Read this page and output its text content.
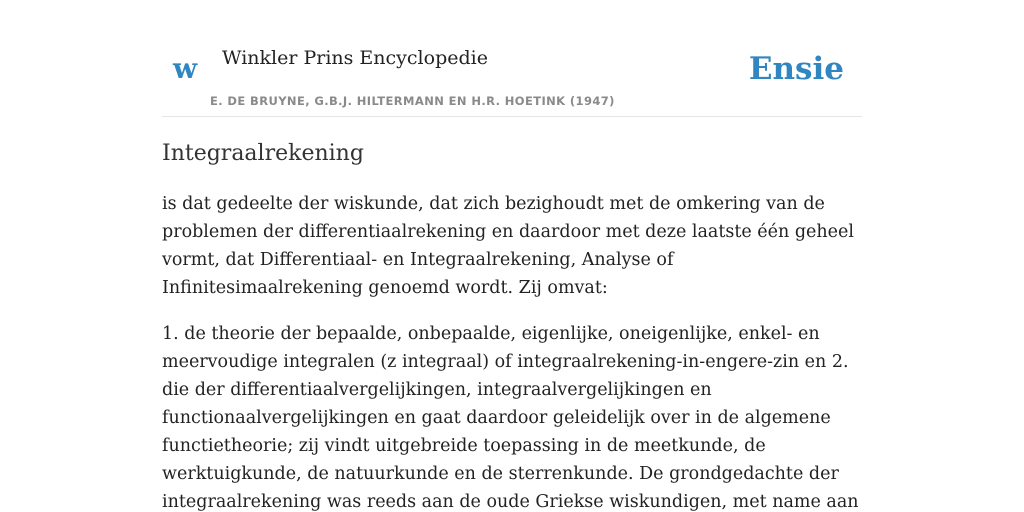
w Winkler Prins Encyclopedie
E. DE BRUYNE, G.B.J. HILTERMANN EN H.R. HOETINK (1947)
Ensie
Integraalrekening

is dat gedeelte der wiskunde, dat zich bezighoudt met de omkering van de problemen der differentiaalrekening en daardoor met deze laatste één geheel vormt, dat Differentiaal- en Integraalrekening, Analyse of Infinitesimaalrekening genoemd wordt. Zij omvat:

1. de theorie der bepaalde, onbepaalde, eigenlijke, oneigenlijke, enkel- en meervoudige integralen (z integraal) of integraalrekening-in-engere-zin en 2. die der differentiaalvergelijkingen, integraalvergelijkingen en functionaalvergelijkingen en gaat daardoor geleidelijk over in de algemene functietheorie; zij vindt uitgebreide toepassing in de meetkunde, de werktuigkunde, de natuurkunde en de sterrenkunde. De grondgedachte der integraalrekening was reeds aan de oude Griekse wiskundigen, met name aan
